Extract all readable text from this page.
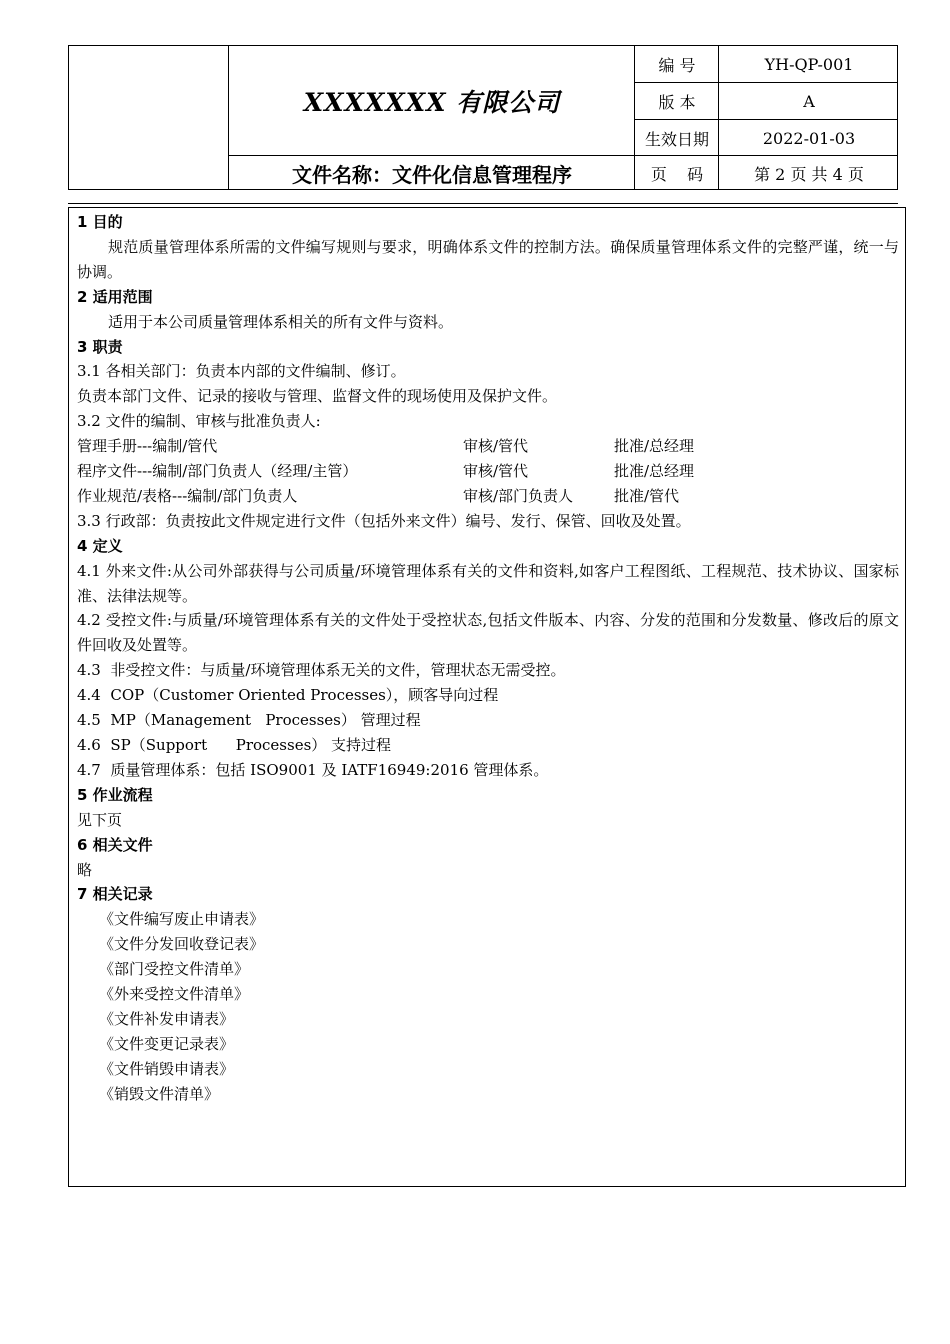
XXXXXXX 有限公司
文件名称：文件化信息管理程序
编 号	YH-QP-001
版 本	A
生效日期	2022-01-03
页    码	第 2 页 共 4 页

1 目的

规范质量管理体系所需的文件编写规则与要求，明确体系文件的控制方法。确保质量管理体系文件的完整严谨，统一与协调。

2 适用范围

适用于本公司质量管理体系相关的所有文件与资料。

3 职责

3.1 各相关部门：负责本内部的文件编制、修订。

负责本部门文件、记录的接收与管理、监督文件的现场使用及保护文件。

3.2 文件的编制、审核与批准负责人:

管理手册---编制/管代	审核/管代	批准/总经理
程序文件---编制/部门负责人（经理/主管）	审核/管代	批准/总经理
作业规范/表格---编制/部门负责人	审核/部门负责人	批准/管代

3.3 行政部：负责按此文件规定进行文件（包括外来文件）编号、发行、保管、回收及处置。

4 定义

4.1 外来文件:从公司外部获得与公司质量/环境管理体系有关的文件和资料,如客户工程图纸、工程规范、技术协议、国家标准、法律法规等。

4.2 受控文件:与质量/环境管理体系有关的文件处于受控状态,包括文件版本、内容、分发的范围和分发数量、修改后的原文件回收及处置等。

4.3  非受控文件：与质量/环境管理体系无关的文件，管理状态无需受控。

4.4  COP（Customer Oriented Processes），顾客导向过程

4.5  MP（Management   Processes） 管理过程

4.6  SP（Support      Processes） 支持过程

4.7  质量管理体系：包括 ISO9001 及 IATF16949:2016 管理体系。

5 作业流程

见下页

6 相关文件

略

7 相关记录

《文件编写废止申请表》

《文件分发回收登记表》

《部门受控文件清单》

《外来受控文件清单》

《文件补发申请表》

《文件变更记录表》

《文件销毁申请表》

《销毁文件清单》
